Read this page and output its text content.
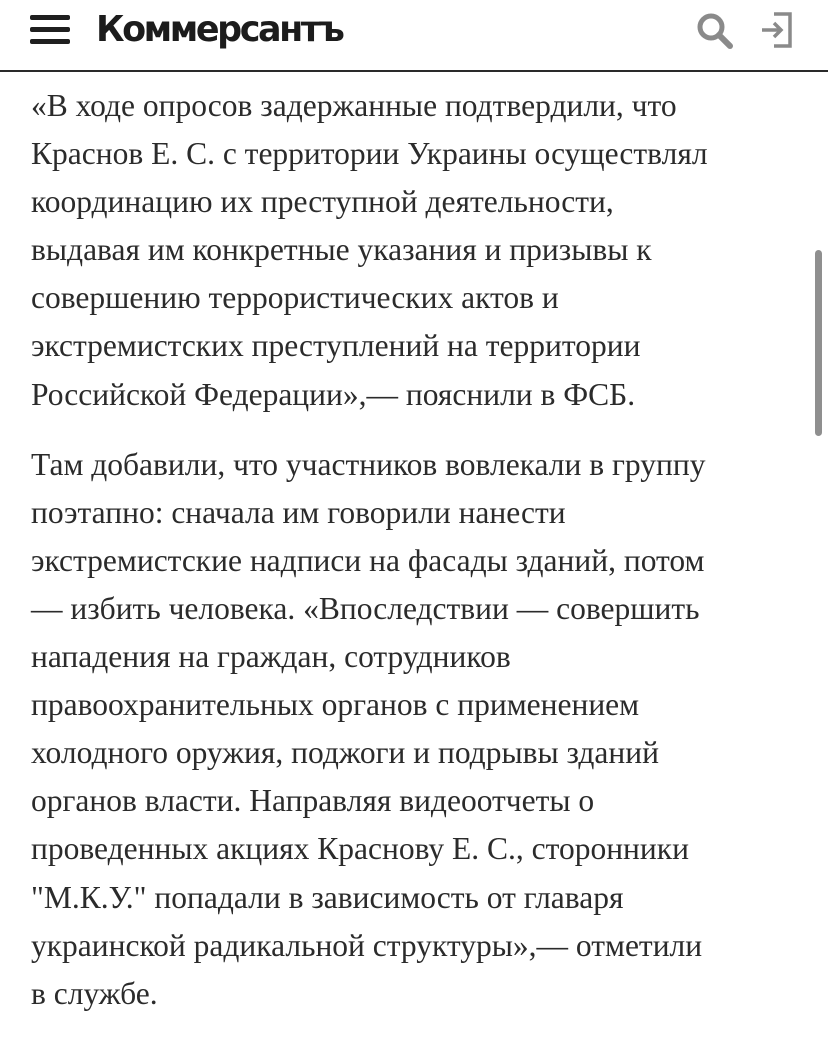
Коммерсантъ

«В ходе опросов задержанные подтвердили, что
Краснов Е. С. с территории Украины осуществлял
координацию их преступной деятельности,
выдавая им конкретные указания и призывы к
совершению террористических актов и
экстремистских преступлений на территории
Российской Федерации»,— пояснили в ФСБ.

Там добавили, что участников вовлекали в группу
поэтапно: сначала им говорили нанести
экстремистские надписи на фасады зданий, потом
— избить человека. «Впоследствии — совершить
нападения на граждан, сотрудников
правоохранительных органов с применением
холодного оружия, поджоги и подрывы зданий
органов власти. Направляя видеоотчеты о
проведенных акциях Краснову Е. С., сторонники
"М.К.У." попадали в зависимость от главаря
украинской радикальной структуры»,— отметили
в службе.
